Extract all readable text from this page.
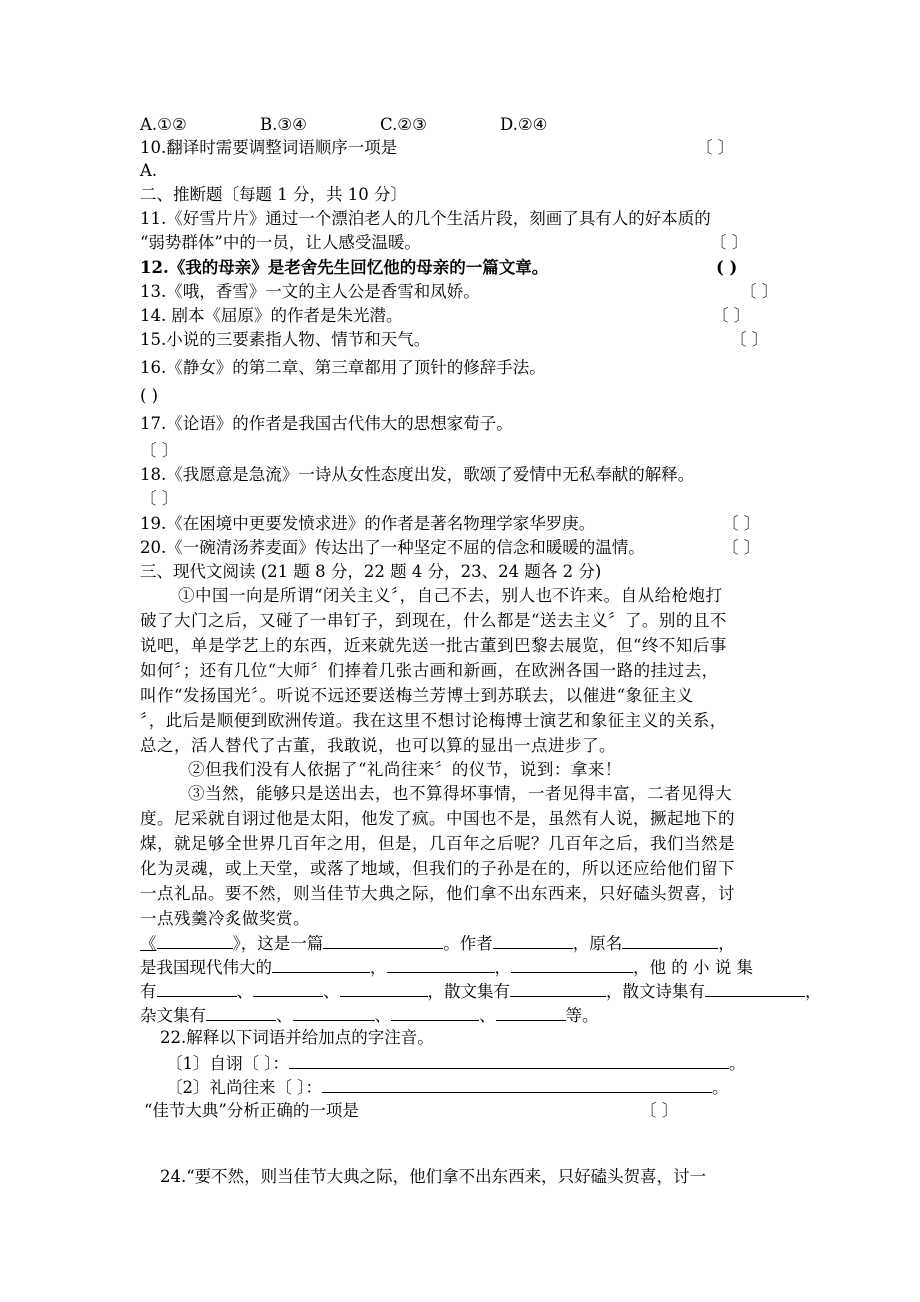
A.①②	B.③④	C.②③	D.②④
10.翻译时需要调整词语顺序一项是	〔 〕
A.
二、推断题〔每题 1 分，共 10 分〕
11.《好雪片片》通过一个漂泊老人的几个生活片段，刻画了具有人的好本质的
“弱势群体”中的一员，让人感受温暖。	〔 〕
12.《我的母亲》是老舍先生回忆他的母亲的一篇文章。	( )
13.《哦，香雪》一文的主人公是香雪和凤娇。	〔 〕
14. 剧本《屈原》的作者是朱光潜。	〔 〕
15.小说的三要素指人物、情节和天气。	〔 〕
16.《静女》的第二章、第三章都用了顶针的修辞手法。
( )
17.《论语》的作者是我国古代伟大的思想家荀子。
〔 〕
18.《我愿意是急流》一诗从女性态度出发，歌颂了爱情中无私奉献的解释。
〔 〕
19.《在困境中更要发愤求进》的作者是著名物理学家华罗庚。	〔 〕
20.《一碗清汤荞麦面》传达出了一种坚定不屈的信念和暖暖的温情。	〔 〕
三、现代文阅读 (21 题 8 分，22 题 4 分，23、24 题各 2 分)
①中国一向是所谓“闭关主义〞，自己不去，别人也不许来。自从给枪炮打
破了大门之后，又碰了一串钉子，到现在，什么都是“送去主义〞了。别的且不
说吧，单是学艺上的东西，近来就先送一批古董到巴黎去展览，但“终不知后事
如何〞；还有几位“大师〞们捧着几张古画和新画，在欧洲各国一路的挂过去，
叫作“发扬国光〞。听说不远还要送梅兰芳博士到苏联去，以催进“象征主义
〞，此后是顺便到欧洲传道。我在这里不想讨论梅博士演艺和象征主义的关系，
总之，活人替代了古董，我敢说，也可以算的显出一点进步了。
②但我们没有人依据了“礼尚往来〞的仪节，说到：拿来！
③当然，能够只是送出去，也不算得坏事情，一者见得丰富，二者见得大
度。尼采就自诩过他是太阳，他发了疯。中国也不是，虽然有人说，撅起地下的
煤，就足够全世界几百年之用，但是，几百年之后呢？几百年之后，我们当然是
化为灵魂，或上天堂，或落了地域，但我们的子孙是在的，所以还应给他们留下
一点礼品。要不然，则当佳节大典之际，他们拿不出东西来，只好磕头贺喜，讨
一点残羹冷炙做奖赏。
《	》，这是一篇	。作者	，原名	，
是我国现代伟大的	，	，	，他 的 小 说 集
有	、	、	，散文集有	，散文诗集有	，
杂文集有	、	、	、	等。
22.解释以下词语并给加点的字注音。
〔1〕自诩〔 〕：	。
〔2〕礼尚往来〔 〕：	。
“佳节大典”分析正确的一项是	〔 〕
24.“要不然，则当佳节大典之际，他们拿不出东西来，只好磕头贺喜，讨一
